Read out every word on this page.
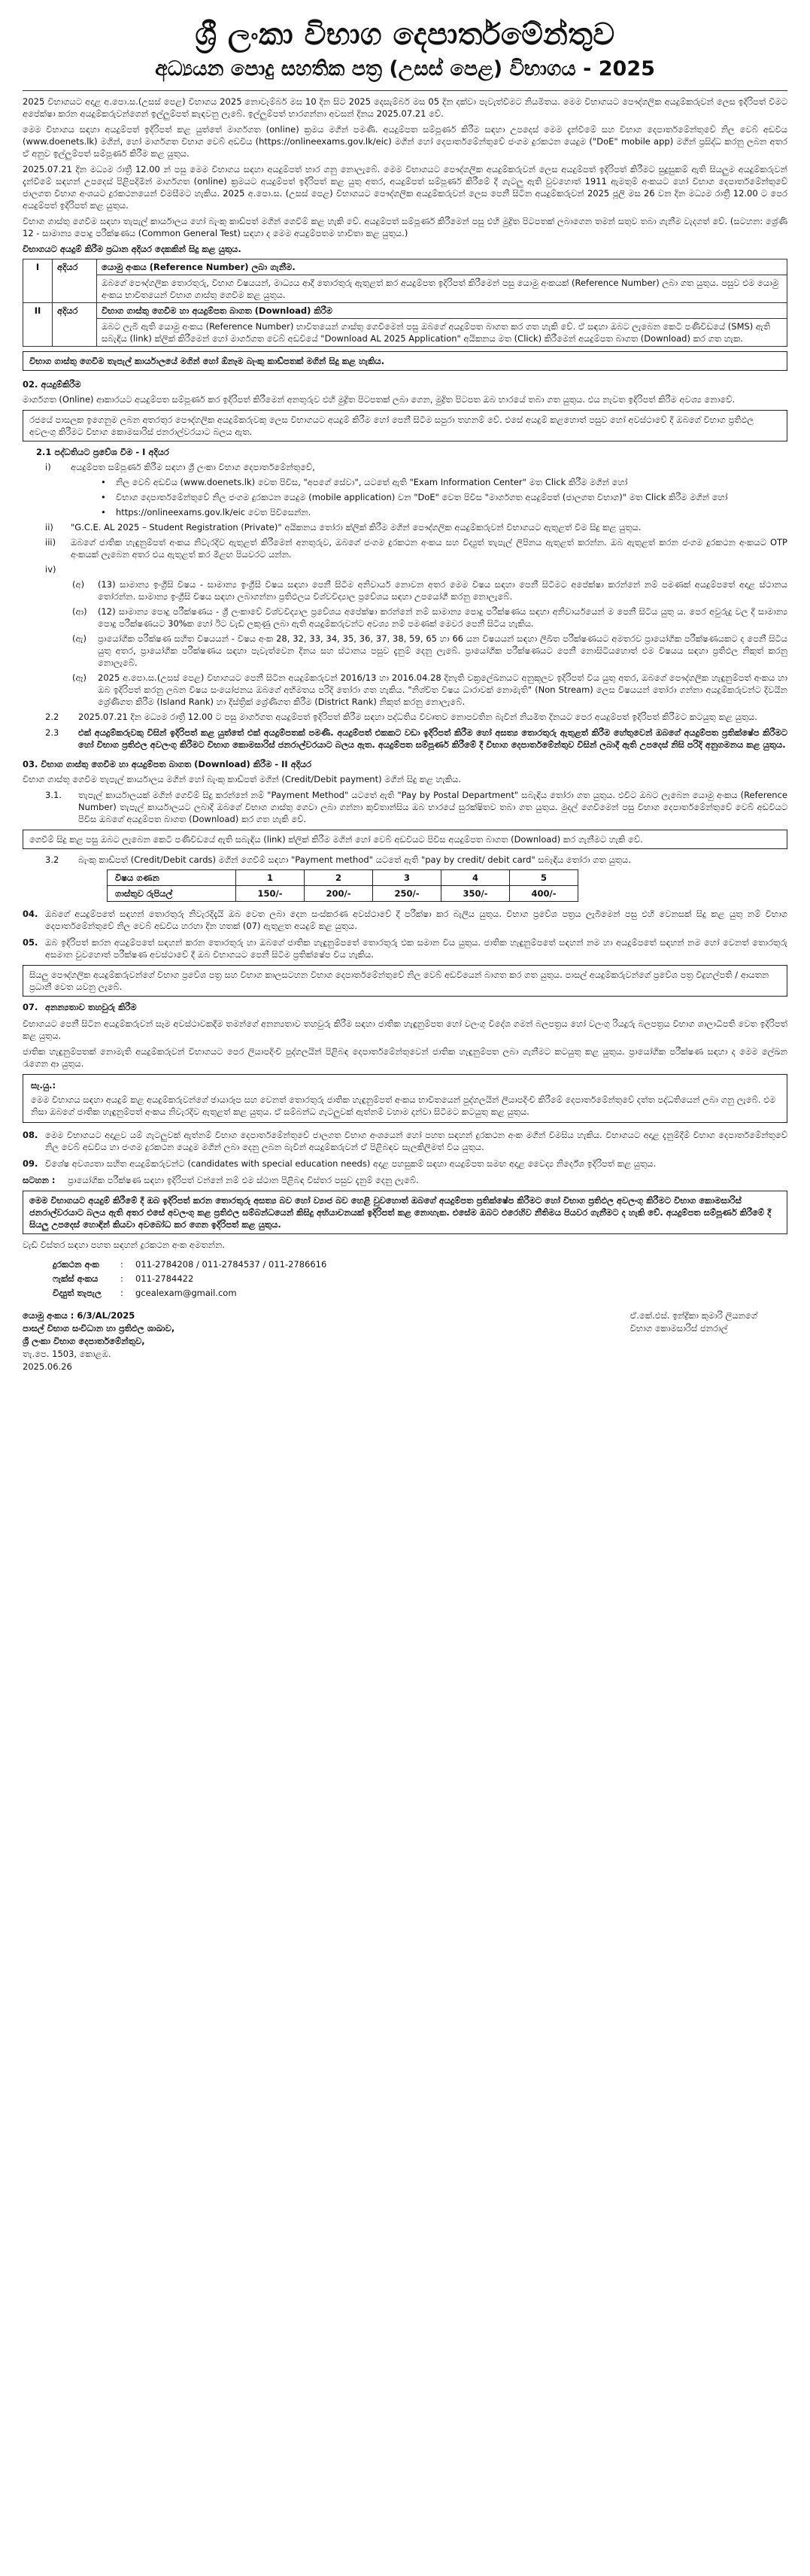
ශ්‍රී ලංකා විභාග දෙපාර්තමේන්තුව
අධ්‍යයන පොදු සහතික පත්‍ර (උසස් පෙළ) විභාගය - 2025

2025 විභාගයට අදාළ අ.පො.ස.(උසස් පෙළ) විභාගය 2025 නොවැම්බර් මස 10 දින සිට 2025 දෙසැම්බර් මස 05 දින දක්වා පැවැත්වීමට නියමිතය. මෙම විභාගයට පෞද්ගලික අයදුම්කරුවන් ලෙස ඉදිරිපත් වීමට අපේක්ෂා කරන අයදුම්කරුවන්ගෙන් ඉල්ලුම්පත් කැඳවනු ලැබේ. ඉල්ලුම්පත් භාරගන්නා අවසන් දිනය 2025.07.21 වේ.

මෙම විභාගය සඳහා අයදුම්පත් ඉදිරිපත් කළ යුත්තේ මාර්ගගත (online) ක්‍රමය මගින් පමණි. අයදුම්පත සම්පූර්ණ කිරීම සඳහා උපදෙස් මෙම දැන්වීමේ සහ විභාග දෙපාර්තමේන්තුවේ නිල වෙබ් අඩවිය (www.doenets.lk) මගින්, හෝ මාර්ගගත විභාග වෙබ් අඩවිය (https://onlineexams.gov.lk/eic) මගින් හෝ දෙපාර්තමේන්තුවේ ජංගම දුරකථන යෙදුම ("DoE" mobile app) මගින් ප්‍රසිද්ධ කරනු ලබන අතර ඒ අනුව ඉල්ලුම්පත් සම්පූර්ණ කිරීම කළ යුතුය.

2025.07.21 දින මධ්‍යම රාත්‍රී 12.00 න් පසු මෙම විභාගය සඳහා අයදුම්පත් භාර ගනු නොලැබේ. මෙම විභාගයට පෞද්ගලික අයදුම්කරුවන් ලෙස අයදුම්පත් ඉදිරිපත් කිරීමට සුදුසුකම් ඇති සියලුම අයදුම්කරුවන් දැන්වීමේ සඳහන් උපදෙස් පිළිපදිමින් මාර්ගගත (online) ක්‍රමයට අයදුම්පත් ඉදිරිපත් කළ යුතු අතර, අයදුම්පත් සම්පූර්ණ කිරීමේ දී ගැටලු ඇති වුවහොත් 1911 ඇමතුම් අංකයට හෝ විභාග දෙපාර්තමේන්තුවේ ජාලගත විභාග අංශයට දුරකථනයෙන් විමසීමට හැකිය. 2025 අ.පො.ස. (උසස් පෙළ) විභාගයට පෞද්ගලික අයදුම්කරුවන් ලෙස පෙනී සිටින අයදුම්කරුවන් 2025 ජූලි මස 26 වන දින මධ්‍යම රාත්‍රී 12.00 ට පෙර අයදුම්පත් ඉදිරිපත් කළ යුතුය.

විභාග ගාස්තු ගෙවීම සඳහා තැපැල් කාර්යාලය හෝ බැංකු කාඩ්පත් මගින් ගෙවීම් කළ හැකි වේ. අයදුම්පත් සම්පූර්ණ කිරීමෙන් පසු එහි මුද්‍රිත පිටපතක් ලබාගෙන තමන් සතුව තබා ගැනීම වැදගත් වේ. (සටහන: ශ්‍රේණි 12 - සාමාන්‍ය පොදු පරීක්ෂණය (Common General Test) සඳහා ද මෙම අයදුම්පතම භාවිතා කළ යුතුය.)

විභාගයට අයදුම් කිරීම ප්‍රධාන අදියර දෙකකින් සිදු කළ යුතුය.

I	අදියර	යොමු අංකය (Reference Number) ලබා ගැනීම.
		ඔබගේ පෞද්ගලික තොරතුරු, විභාග විෂයයන්, මාධ්‍යය ආදී තොරතුරු ඇතුළත් කර අයදුම්පත ඉදිරිපත් කිරීමෙන් පසු යොමු අංකයක් (Reference Number) ලබා ගත යුතුය. පසුව එම යොමු අංකය භාවිතයෙන් විභාග ගාස්තු ගෙවීම කළ යුතුය.
II	අදියර	විභාග ගාස්තු ගෙවීම හා අයදුම්පත බාගත (Download) කිරීම
		ඔබට ලැබී ඇති යොමු අංකය (Reference Number) භාවිතයෙන් ගාස්තු ගෙවීමෙන් පසු ඔබගේ අයදුම්පත බාගත කර ගත හැකි වේ. ඒ සඳහා ඔබට ලැබෙන කෙටි පණිවිඩයේ (SMS) ඇති සබැඳිය (link) ක්ලික් කිරීමෙන් හෝ මාර්ගගත වෙබ් අඩවියේ "Download AL 2025 Application" අයිකනය මත (Click) කිරීමෙන් අයදුම්පත බාගත (Download) කර ගත හැක.
විභාග ගාස්තු ගෙවීම තැපැල් කාර්යාලයේ මගින් හෝ ඕනෑම බැංකු කාඩ්පතක් මගින් සිදු කළ හැකිය.
02. අයදුම්කිරීම

මාර්ගගත (Online) ආකාරයට අයදුම්පත සම්පූර්ණ කර ඉදිරිපත් කිරීමෙන් අනතුරුව එහි මුද්‍රිත පිටපතක් ලබා ගෙන, මුද්‍රිත පිටපත ඔබ භාරයේ තබා ගත යුතුය. එය නැවත ඉදිරිපත් කිරීම අවශ්‍ය නොවේ.

රජයේ පාසලක ඉගෙනුම ලබන අතරතුර පෞද්ගලික අයදුම්කරුවකු ලෙස විභාගයට අයදුම් කිරීම හෝ පෙනී සිටීම සපුරා තහනම් වේ. එසේ අයදුම් කළහොත් පසුව හෝ අවස්ථාවේ දී ඔබගේ විභාග ප්‍රතිඵල අවලංගු කිරීමට විභාග කොමසාරිස් ජනරාල්වරයාට බලය ඇත.
2.1 පද්ධතියට ප්‍රවේශ වීම - I අදියර
i)	අයදුම්පත සම්පූර්ණ කිරීම සඳහා ශ්‍රී ලංකා විභාග දෙපාර්තමේන්තුවේ,
•	නිල වෙබ් අඩවිය (www.doenets.lk) වෙත පිවිස, "අපගේ සේවා", යටතේ ඇති "Exam Information Center" මත Click කිරීම මගින් හෝ
•	විභාග දෙපාර්තමේන්තුවේ නිල ජංගම දුරකථන යෙදුම (mobile application) වන "DoE" වෙත පිවිස "මාර්ගගත අයදුම්පත් (ජාලගත විභාග)" මත Click කිරීම මගින් හෝ
•	https://onlineexams.gov.lk/eic වෙත පිවිසෙන්න.
ii)	"G.C.E. AL 2025 – Student Registration (Private)" අයිකනය තෝරා ක්ලික් කිරීම මගින් පෞද්ගලික අයදුම්කරුවන් විභාගයට ඇතුළත් වීම සිදු කළ යුතුය.
iii)	ඔබගේ ජාතික හැඳුනුම්පත් අංකය නිවැරදිව ඇතුළත් කිරීමෙන් අනතුරුව, ඔබගේ ජංගම දුරකථන අංකය සහ විද්‍යුත් තැපැල් ලිපිනය ඇතුළත් කරන්න. ඔබ ඇතුළත් කරන ජංගම දුරකථන අංකයට OTP අංකයක් ලැබෙන අතර එය ඇතුළත් කර මීළඟ පියවරට යන්න.
iv)
(අ)	(13) සාමාන්‍ය ඉංග්‍රීසි විෂය - සාමාන්‍ය ඉංග්‍රීසි විෂය සඳහා පෙනී සිටීම අනිවාර්ය නොවන අතර මෙම විෂය සඳහා පෙනී සිටීමට අපේක්ෂා කරන්නේ නම් පමණක් අයදුම්පතේ අදාළ ස්ථානය තෝරන්න. සාමාන්‍ය ඉංග්‍රීසි විෂය සඳහා ලබාගන්නා ප්‍රතිඵලය විශ්වවිද්‍යාල ප්‍රවේශය සඳහා උපයෝගී කරනු නොලැබේ.
(ආ)	(12) සාමාන්‍ය පොදු පරීක්ෂණය - ශ්‍රී ලංකාවේ විශ්වවිද්‍යාල ප්‍රවේශය අපේක්ෂා කරන්නේ නම් සාමාන්‍ය පොදු පරීක්ෂණය සඳහා අනිවාර්යයෙන් ම පෙනී සිටිය යුතු ය. පෙර අවුරුදු වල දී සාමාන්‍ය පොදු පරීක්ෂණයට 30%ක හෝ ඊට වැඩි ලකුණු ලබා ඇති අයදුම්කරුවන්ට අවශ්‍ය නම් පමණක් මෙවර පෙනී සිටිය හැකිය.
(ඇ)	ප්‍රායෝගික පරීක්ෂණ සහිත විෂයයන් - විෂය අංක 28, 32, 33, 34, 35, 36, 37, 38, 59, 65 හා 66 යන විෂයයන් සඳහා ලිඛිත පරීක්ෂණයට අමතරව ප්‍රායෝගික පරීක්ෂණයකට ද පෙනී සිටිය යුතු අතර, ප්‍රායෝගික පරීක්ෂණය සඳහා පැවැත්වෙන දිනය සහ ස්ථානය පසුව දැනුම් දෙනු ලැබේ. ප්‍රායෝගික පරීක්ෂණයට පෙනී නොසිටියහොත් එම විෂයය සඳහා ප්‍රතිඵල නිකුත් කරනු නොලැබේ.
(ඈ)	2025 අ.පො.ස.(උසස් පෙළ) විභාගයට පෙනී සිටින අයදුම්කරුවන් 2016/13 හා 2016.04.28 දිනැති චක්‍රලේඛනයට අනුකූලව ඉදිරිපත් විය යුතු අතර, ඔබගේ පෞද්ගලික හැඳුනුම්පත් අංකය හා ඔබ ඉදිරිපත් කරනු ලබන විෂය සංයෝජනය ඔබගේ අභිමතය පරිදි තෝරා ගත හැකිය. "නිශ්චිත විෂය ධාරාවක් නොමැති" (Non Stream) ලෙස විෂයයන් තෝරා ගන්නා අයදුම්කරුවන්ට දිවයින ශ්‍රේණිගත කිරීම (Island Rank) හා දිස්ත්‍රික් ශ්‍රේණිගත කිරීම (District Rank) නිකුත් කරනු නොලැබේ.
2.2	2025.07.21 දින මධ්‍යම රාත්‍රී 12.00 ට පසු මාර්ගගත අයදුම්පත් ඉදිරිපත් කිරීම සඳහා පද්ධතිය විවෘතව නොපවතින බැවින් නියමිත දිනයට පෙර අයදුම්පත් ඉදිරිපත් කිරීමට කටයුතු කළ යුතුය.
2.3	එක් අයදුම්කරුවකු විසින් ඉදිරිපත් කළ යුත්තේ එක් අයදුම්පතක් පමණි. අයදුම්පත් එකකට වඩා ඉදිරිපත් කිරීම හෝ අසත්‍ය තොරතුරු ඇතුළත් කිරීම හේතුවෙන් ඔබගේ අයදුම්පත ප්‍රතික්ෂේප කිරීමට හෝ විභාග ප්‍රතිඵල අවලංගු කිරීමට විභාග කොමසාරිස් ජනරාල්වරයාට බලය ඇත. අයදුම්පත සම්පූර්ණ කිරීමේ දී විභාග දෙපාර්තමේන්තුව විසින් ලබාදී ඇති උපදෙස් නිසි පරිදි අනුගමනය කළ යුතුය.
03. විභාග ගාස්තු ගෙවීම හා අයදුම්පත බාගත (Download) කිරීම - II අදියර

විභාග ගාස්තු ගෙවීම තැපැල් කාර්යාලය මගින් හෝ බැංකු කාඩ්පත් මගින් (Credit/Debit payment) මගින් සිදු කළ හැකිය.

3.1.	තැපැල් කාර්යාලයක් මගින් ගෙවීම් සිදු කරන්නේ නම් "Payment Method" යටතේ ඇති "Pay by Postal Department" සබැඳිය තෝරා ගත යුතුය. එවිට ඔබට ලැබෙන යොමු අංකය (Reference Number) තැපැල් කාර්යාලයට ලබාදී ඔබගේ විභාග ගාස්තු ගෙවා ලබා ගන්නා කුවිතාන්සිය ඔබ භාරයේ සුරක්ෂිතව තබා ගත යුතුය. මුදල් ගෙවීමෙන් පසු විභාග දෙපාර්තමේන්තුවේ වෙබ් අඩවියට පිවිස ඔබගේ අයදුම්පත බාගත (Download) කර ගත හැකි වේ.
ගෙවීම් සිදු කළ පසු ඔබට ලැබෙන කෙටි පණිවිඩයේ ඇති සබැඳිය (link) ක්ලික් කිරීම මගින් හෝ වෙබ් අඩවියට පිවිස අයදුම්පත බාගත (Download) කර ගැනීමට හැකි වේ.
3.2	බැංකු කාඩ්පත් (Credit/Debit cards) මගින් ගෙවීම් සඳහා "Payment method" යටතේ ඇති "pay by credit/ debit card" සබැඳිය තෝරා ගත යුතුය.
විෂය ගණන	1	2	3	4	5
ගාස්තුව රුපියල්	150/-	200/-	250/-	350/-	400/-
04. ඔබගේ අයදුම්පතේ සඳහන් තොරතුරු නිවැරදිදැයි ඔබ වෙත ලබා දෙන සංස්කරණ අවස්ථාවේ දී පරීක්ෂා කර බැලිය යුතුය. විභාග ප්‍රවේශ පත්‍රය ලැබීමෙන් පසු එහි වෙනසක් සිදු කළ යුතු නම් විභාග දෙපාර්තමේන්තුවේ නිල වෙබ් අඩවිය හරහා දින හතක් (07) ඇතුළත අයදුම් කළ යුතුය.
05. ඔබ ඉදිරිපත් කරන අයදුම්පතේ සඳහන් කරන තොරතුරු හා ඔබගේ ජාතික හැඳුනුම්පතේ තොරතුරු එක සමාන විය යුතුය. ජාතික හැඳුනුම්පතේ සඳහන් නම හා අයදුම්පතේ සඳහන් නම හෝ වෙනත් තොරතුරු අසමාන වුවහොත් පරීක්ෂණ අවස්ථාවේ දී ඔබ විභාගයට පෙනී සිටීම ප්‍රතික්ෂේප විය හැකිය.
සියලු පෞද්ගලික අයදුම්කරුවන්ගේ විභාග ප්‍රවේශ පත්‍ර සහ විභාග කාලසටහන විභාග දෙපාර්තමේන්තුවේ නිල වෙබ් අඩවියෙන් බාගත කර ගත යුතුය. පාසල් අයදුම්කරුවන්ගේ ප්‍රවේශ පත්‍ර විදුහල්පති / ආයතන ප්‍රධානී වෙත යවනු ලැබේ.
07. අනන්‍යතාව තහවුරු කිරීම

විභාගයට පෙනී සිටින අයදුම්කරුවන් සෑම අවස්ථාවකදීම තමන්ගේ අනන්‍යතාව තහවුරු කිරීම සඳහා ජාතික හැඳුනුම්පත හෝ වලංගු විදේශ ගමන් බලපත්‍රය හෝ වලංගු රියදුරු බලපත්‍රය විභාග ශාලාධිපති වෙත ඉදිරිපත් කළ යුතුය.

ජාතික හැඳුනුම්පතක් නොමැති අයදුම්කරුවන් විභාගයට පෙර ලියාපදිංචි පුද්ගලයින් පිළිබඳ දෙපාර්තමේන්තුවෙන් ජාතික හැඳුනුම්පත ලබා ගැනීමට කටයුතු කළ යුතුය. ප්‍රායෝගික පරීක්ෂණ සඳහා ද මෙම ලේඛන රැගෙන ආ යුතුය.

සැ.යු.:
මෙම විභාගය සඳහා අයදුම් කළ අයදුම්කරුවන්ගේ ඡායාරූප සහ වෙනත් තොරතුරු ජාතික හැඳුනුම්පත් අංකය භාවිතයෙන් පුද්ගලයින් ලියාපදිංචි කිරීමේ දෙපාර්තමේන්තුවේ දත්ත පද්ධතියෙන් ලබා ගනු ලැබේ. එම නිසා ඔබගේ ජාතික හැඳුනුම්පත් අංකය නිවැරදිව ඇතුළත් කළ යුතුය. ඒ සම්බන්ධ ගැටලුවක් ඇත්නම් වහාම දන්වා සිටීමට කටයුතු කළ යුතුය.
08. මෙම විභාගයට අදාළව යම් ගැටලුවක් ඇත්නම් විභාග දෙපාර්තමේන්තුවේ ජාලගත විභාග අංශයෙන් හෝ පහත සඳහන් දුරකථන අංක මගින් විමසිය හැකිය. විභාගයට අදාළ දැනුම්දීම් විභාග දෙපාර්තමේන්තුවේ නිල වෙබ් අඩවිය හා ජංගම දුරකථන යෙදුම මගින් ලබා දෙනු ලබන බැවින් අයදුම්කරුවන් ඒ පිළිබඳව සැලකිලිමත් විය යුතුය.
09. විශේෂ අවශ්‍යතා සහිත අයදුම්කරුවන්ට (candidates with special education needs) අදාළ පහසුකම් සඳහා අයදුම්පත සමඟ අදාළ වෛද්‍ය නිර්දේශ ඉදිරිපත් කළ යුතුය.
සටහන :	ප්‍රායෝගික පරීක්ෂණ සඳහා ඉදිරිපත් වන්නේ නම් එම ස්ථාන පිළිබඳ විස්තර පසුව දැනුම් දෙනු ලැබේ.
මෙම විභාගයට අයදුම් කිරීමේ දී ඔබ ඉදිරිපත් කරන තොරතුරු අසත්‍ය බව හෝ ව්‍යාජ බව හෙළි වුවහොත් ඔබගේ අයදුම්පත ප්‍රතික්ෂේප කිරීමට හෝ විභාග ප්‍රතිඵල අවලංගු කිරීමට විභාග කොමසාරිස් ජනරාල්වරයාට බලය ඇති අතර එසේ අවලංගු කළ ප්‍රතිඵල සම්බන්ධයෙන් කිසිදු අභියාචනයක් ඉදිරිපත් කළ නොහැක. එසේම ඔබට එරෙහිව නීතිමය පියවර ගැනීමට ද හැකි වේ. අයදුම්පත සම්පූර්ණ කිරීමේ දී සියලු උපදෙස් හොඳින් කියවා අවබෝධ කර ගෙන ඉදිරිපත් කළ යුතුය.

වැඩි විස්තර සඳහා පහත සඳහන් දුරකථන අංක අමතන්න.

දුරකථන අංක	:	011-2784208 / 011-2784537 / 011-2786616
ෆැක්ස් අංකය	:	011-2784422
විද්‍යුත් තැපැල	:	gcealexam@gmail.com
යොමු අංකය : 6/3/AL/2025
පාසල් විභාග සංවිධාන හා ප්‍රතිඵල ශාඛාව,
ශ්‍රී ලංකා විභාග දෙපාර්තමේන්තුව,
තැ.පෙ. 1503, කොළඹ.
2025.06.26
ඒ.කේ.එස්. ඉන්ද්‍රිකා කුමාරි ලියනගේ
විභාග කොමසාරිස් ජනරාල්
